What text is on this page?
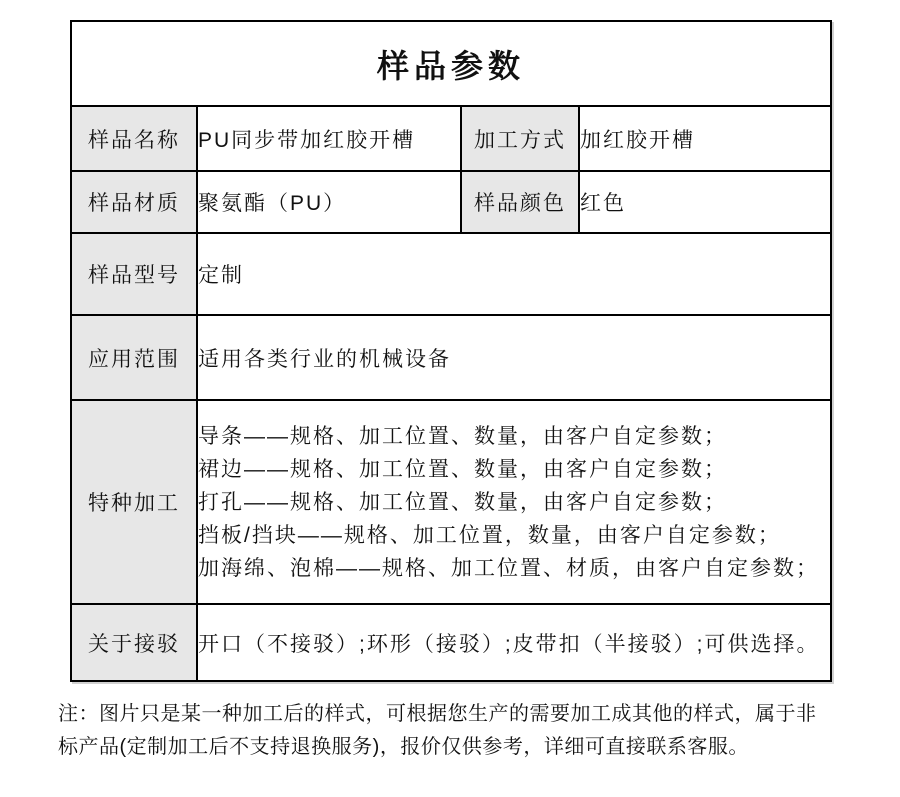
样品参数			
样品名称	PU同步带加红胶开槽	加工方式	加红胶开槽
样品材质	聚氨酯（PU）	样品颜色	红色
样品型号	定制		
应用范围	适用各类行业的机械设备		
特种加工	导条——规格、加工位置、数量，由客户自定参数；
裙边——规格、加工位置、数量，由客户自定参数；
打孔——规格、加工位置、数量，由客户自定参数；
挡板/挡块——规格、加工位置，数量，由客户自定参数；
加海绵、泡棉——规格、加工位置、材质，由客户自定参数；		

关于接驳	开口（不接驳）;环形（接驳）;皮带扣（半接驳）;可供选择。		

注：图片只是某一种加工后的样式，可根据您生产的需要加工成其他的样式，属于非标产品(定制加工后不支持退换服务)，报价仅供参考，详细可直接联系客服。
